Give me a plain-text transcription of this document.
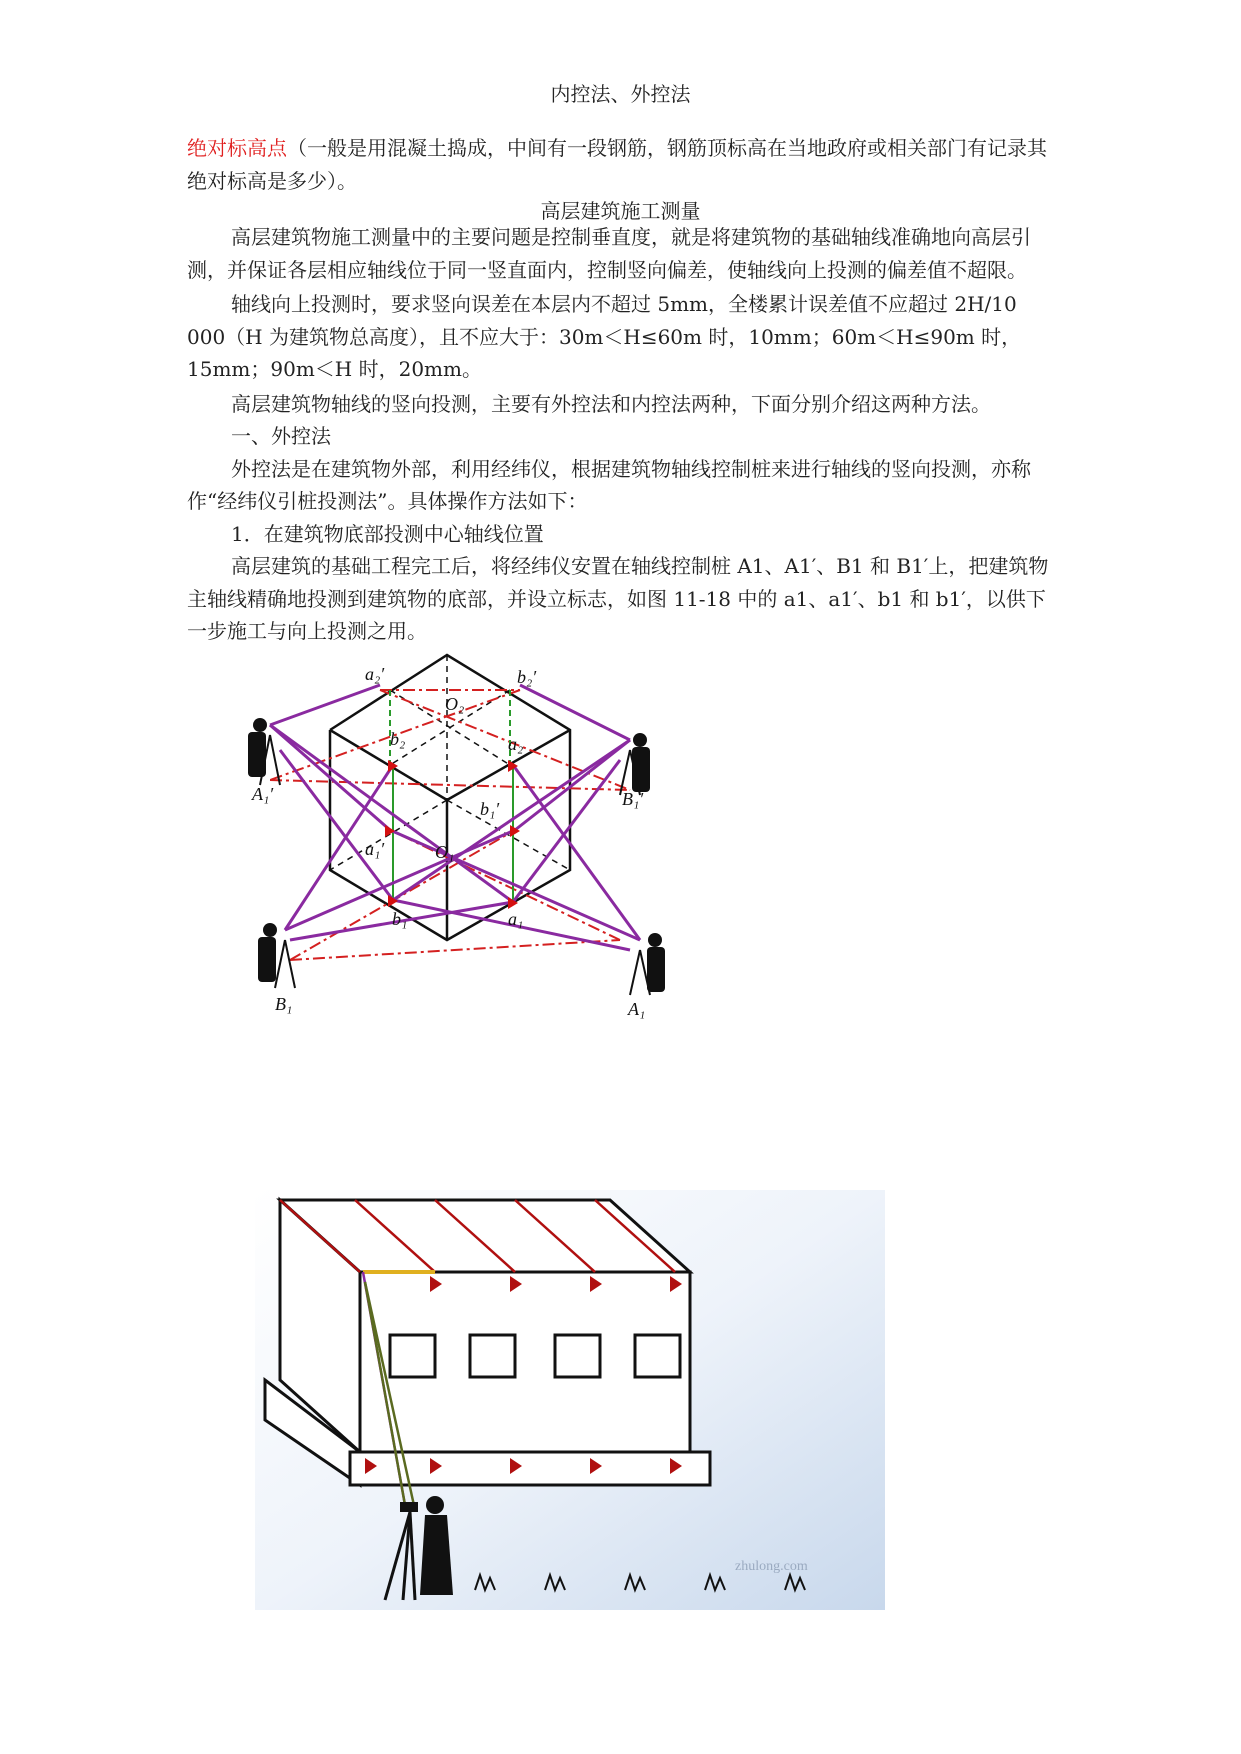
内控法、外控法

绝对标高点（一般是用混凝土捣成，中间有一段钢筋，钢筋顶标高在当地政府或相关部门有记录其绝对标高是多少）。

高层建筑施工测量

高层建筑物施工测量中的主要问题是控制垂直度，就是将建筑物的基础轴线准确地向高层引测，并保证各层相应轴线位于同一竖直面内，控制竖向偏差，使轴线向上投测的偏差值不超限。

轴线向上投测时，要求竖向误差在本层内不超过 5mm，全楼累计误差值不应超过 2H/10 000（H 为建筑物总高度），且不应大于：30m＜H≤60m 时，10mm；60m＜H≤90m 时，15mm；90m＜H 时，20mm。

高层建筑物轴线的竖向投测，主要有外控法和内控法两种，下面分别介绍这两种方法。

一、外控法

外控法是在建筑物外部，利用经纬仪，根据建筑物轴线控制桩来进行轴线的竖向投测，亦称作“经纬仪引桩投测法”。具体操作方法如下：

1．在建筑物底部投测中心轴线位置

高层建筑的基础工程完工后，将经纬仪安置在轴线控制桩 A1、A1′、B1 和 B1′上，把建筑物主轴线精确地投测到建筑物的底部，并设立标志，如图 11-18 中的 a1、a1′、b1 和 b1′，以供下一步施工与向上投测之用。

a₂′	b₂′
O₂
b₂	a₂
A₁′	B₁′
b₁′
a₁′	O₁
b₁	a₁
B₁	A₁
zhulong.com
